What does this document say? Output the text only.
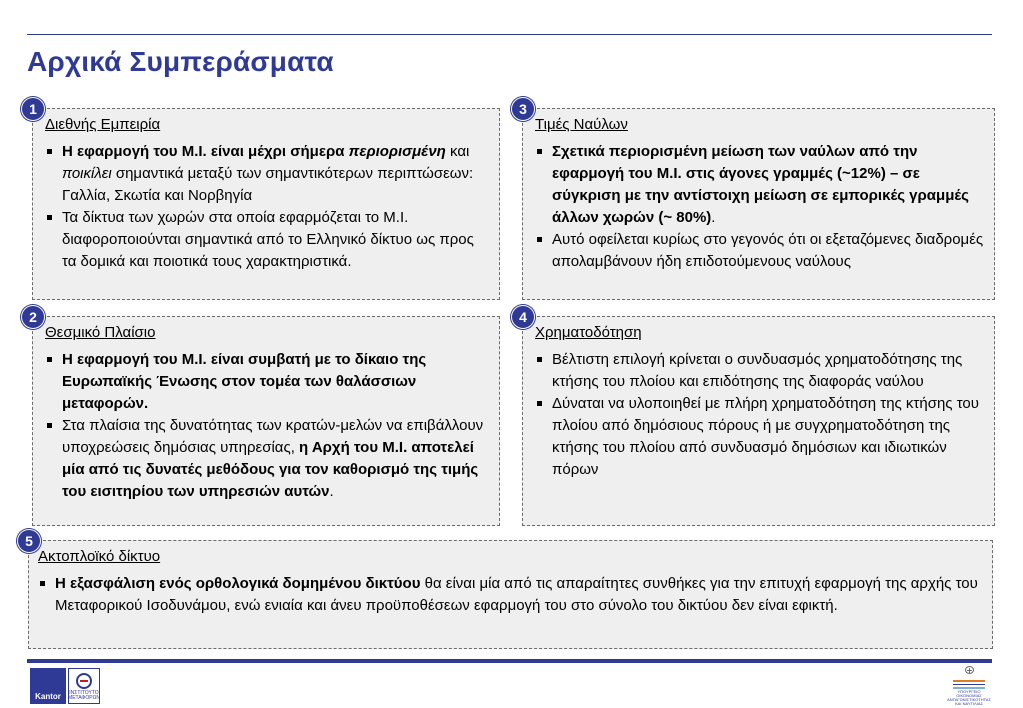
Αρχικά Συμπεράσματα
Διεθνής Εμπειρία
Η εφαρμογή του Μ.Ι. είναι μέχρι σήμερα περιορισμένη και ποικίλει σημαντικά μεταξύ των σημαντικότερων περιπτώσεων: Γαλλία, Σκωτία και Νορβηγία
Τα δίκτυα των χωρών στα οποία εφαρμόζεται το Μ.Ι. διαφοροποιούνται σημαντικά από το Ελληνικό δίκτυο ως προς τα δομικά και ποιοτικά τους χαρακτηριστικά.
1
Τιμές Ναύλων
Σχετικά περιορισμένη μείωση των ναύλων από την εφαρμογή του Μ.Ι. στις άγονες γραμμές (~12%) – σε σύγκριση με την αντίστοιχη μείωση σε εμπορικές γραμμές άλλων χωρών (~ 80%).
Αυτό οφείλεται κυρίως στο γεγονός ότι οι εξεταζόμενες διαδρομές απολαμβάνουν ήδη επιδοτούμενους ναύλους
3
Θεσμικό Πλαίσιο
Η εφαρμογή του Μ.Ι. είναι συμβατή με το δίκαιο της Ευρωπαϊκής Ένωσης στον τομέα των θαλάσσιων μεταφορών.
Στα πλαίσια της δυνατότητας των κρατών-μελών να επιβάλλουν υποχρεώσεις δημόσιας υπηρεσίας, η Αρχή του Μ.Ι. αποτελεί μία από τις δυνατές μεθόδους για τον καθορισμό της τιμής του εισιτηρίου των υπηρεσιών αυτών.
2
Χρηματοδότηση
Βέλτιστη επιλογή κρίνεται ο συνδυασμός χρηματοδότησης της κτήσης του πλοίου και επιδότησης της διαφοράς ναύλου
Δύναται να υλοποιηθεί με πλήρη χρηματοδότηση της κτήσης του πλοίου από δημόσιους πόρους ή με συγχρηματοδότηση της κτήσης του πλοίου από συνδυασμό δημόσιων και ιδιωτικών πόρων
4
Ακτοπλοϊκό δίκτυο
Η εξασφάλιση ενός ορθολογικά δομημένου δικτύου θα είναι μία από τις απαραίτητες συνθήκες για την επιτυχή εφαρμογή της αρχής του Μεταφορικού Ισοδυνάμου, ενώ ενιαία και άνευ προϋποθέσεων εφαρμογή του στο σύνολο του δικτύου δεν είναι εφικτή.
5
Kantor ΙΝΣΤΙΤΟΥΤΟ ΜΕΤΑΦΟΡΩΝ
ΥΠΟΥΡΓΕΙΟ ΟΙΚΟΝΟΜΙΑΣ ΑΝΤΑΓΩΝΙΣΤΙΚΟΤΗΤΑΣ ΚΑΙ ΝΑΥΤΙΛΙΑΣ
